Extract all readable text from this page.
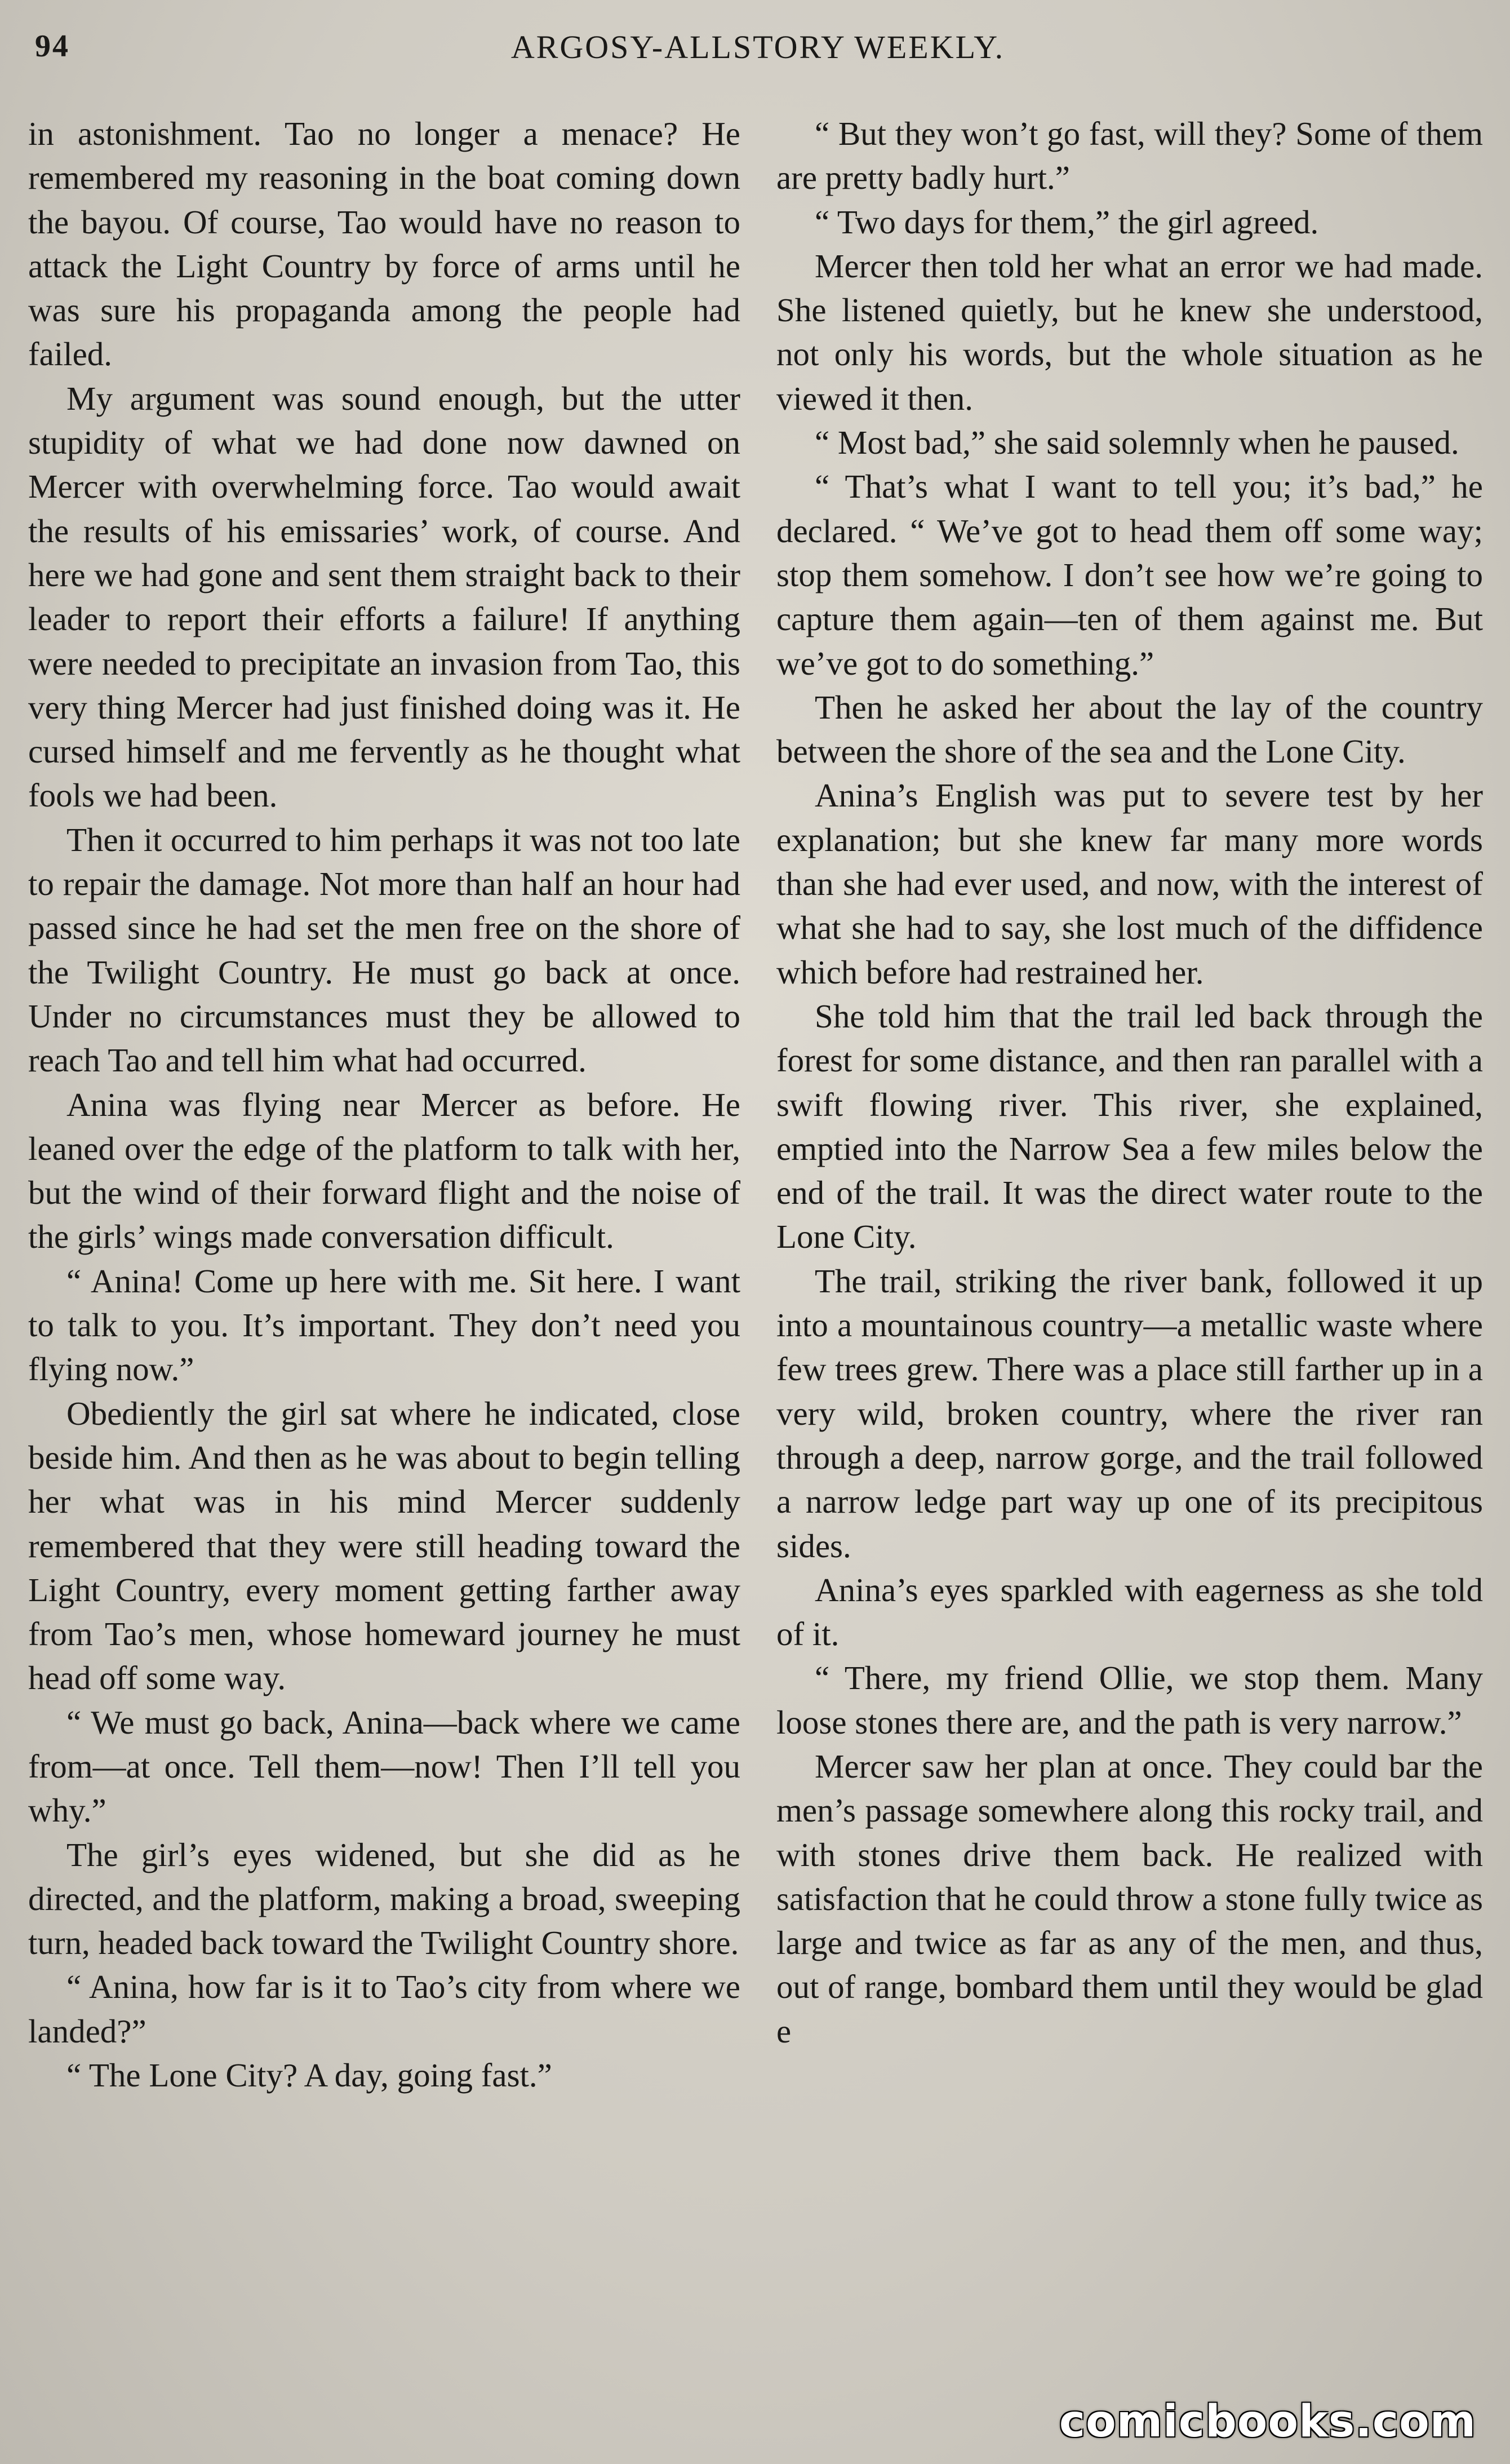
94	ARGOSY-ALLSTORY WEEKLY.

in astonishment. Tao no longer a menace? He remembered my reasoning in the boat coming down the bayou. Of course, Tao would have no reason to attack the Light Country by force of arms until he was sure his propaganda among the people had failed.

My argument was sound enough, but the utter stupidity of what we had done now dawned on Mercer with overwhelming force. Tao would await the results of his emissaries’ work, of course. And here we had gone and sent them straight back to their leader to report their efforts a failure! If anything were needed to precipitate an invasion from Tao, this very thing Mercer had just finished doing was it. He cursed himself and me fervently as he thought what fools we had been.

Then it occurred to him perhaps it was not too late to repair the damage. Not more than half an hour had passed since he had set the men free on the shore of the Twilight Country. He must go back at once. Under no circumstances must they be allowed to reach Tao and tell him what had occurred.

Anina was flying near Mercer as before. He leaned over the edge of the platform to talk with her, but the wind of their forward flight and the noise of the girls’ wings made conversation difficult.

“ Anina! Come up here with me. Sit here. I want to talk to you. It’s important. They don’t need you flying now.”

Obediently the girl sat where he indicated, close beside him. And then as he was about to begin telling her what was in his mind Mercer suddenly remembered that they were still heading toward the Light Country, every moment getting farther away from Tao’s men, whose homeward journey he must head off some way.

“ We must go back, Anina—back where we came from—at once. Tell them—now! Then I’ll tell you why.”

The girl’s eyes widened, but she did as he directed, and the platform, making a broad, sweeping turn, headed back toward the Twilight Country shore.

“ Anina, how far is it to Tao’s city from where we landed?”

“ The Lone City? A day, going fast.”

“ But they won’t go fast, will they? Some of them are pretty badly hurt.”

“ Two days for them,” the girl agreed.

Mercer then told her what an error we had made. She listened quietly, but he knew she understood, not only his words, but the whole situation as he viewed it then.

“ Most bad,” she said solemnly when he paused.

“ That’s what I want to tell you; it’s bad,” he declared. “ We’ve got to head them off some way; stop them somehow. I don’t see how we’re going to capture them again—ten of them against me. But we’ve got to do something.”

Then he asked her about the lay of the country between the shore of the sea and the Lone City.

Anina’s English was put to severe test by her explanation; but she knew far many more words than she had ever used, and now, with the interest of what she had to say, she lost much of the diffidence which before had restrained her.

She told him that the trail led back through the forest for some distance, and then ran parallel with a swift flowing river. This river, she explained, emptied into the Narrow Sea a few miles below the end of the trail. It was the direct water route to the Lone City.

The trail, striking the river bank, followed it up into a mountainous country—a metallic waste where few trees grew. There was a place still farther up in a very wild, broken country, where the river ran through a deep, narrow gorge, and the trail followed a narrow ledge part way up one of its precipitous sides.

Anina’s eyes sparkled with eagerness as she told of it.

“ There, my friend Ollie, we stop them. Many loose stones there are, and the path is very narrow.”

Mercer saw her plan at once. They could bar the men’s passage somewhere along this rocky trail, and with stones drive them back. He realized with satisfaction that he could throw a stone fully twice as large and twice as far as any of the men, and thus, out of range, bombard them until they would be glad e

comicbooks.com
